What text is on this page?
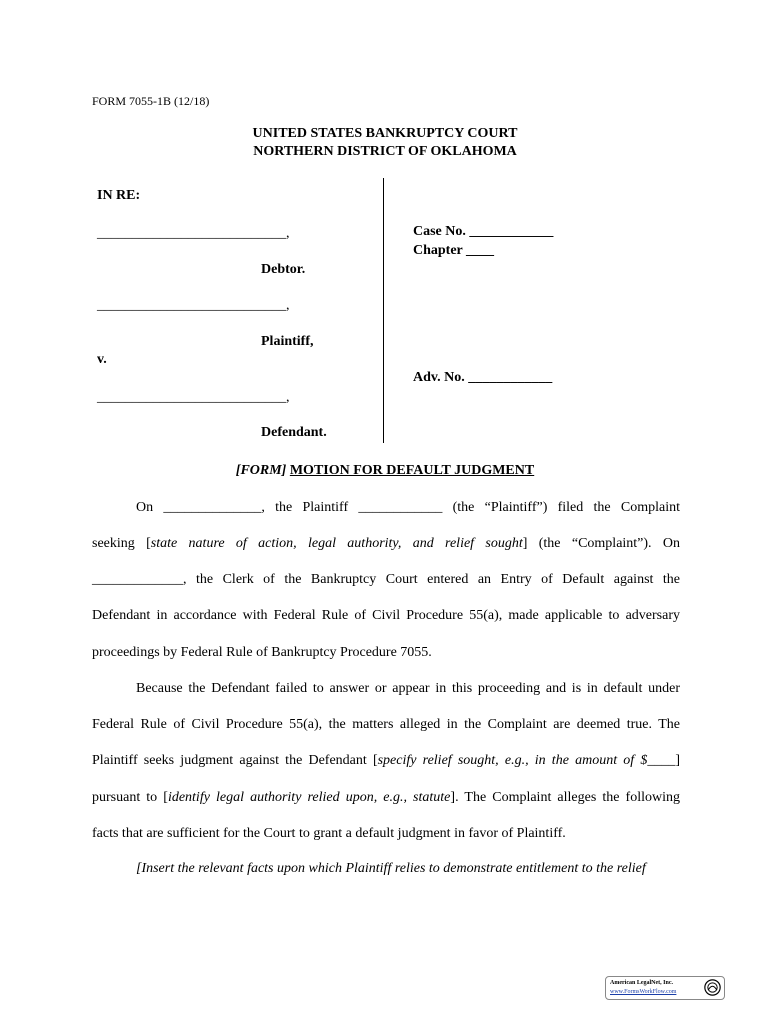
FORM 7055-1B (12/18)
UNITED STATES BANKRUPTCY COURT
NORTHERN DISTRICT OF OKLAHOMA
IN RE:
___________________________,
Debtor.
___________________________,
Plaintiff,
v.
___________________________,
Defendant.
Case No. ____________
Chapter ____
Adv. No. ____________
[FORM] MOTION FOR DEFAULT JUDGMENT
On ______________, the Plaintiff ____________ (the “Plaintiff”) filed the Complaint
seeking [state nature of action, legal authority, and relief sought] (the “Complaint”). On
_____________, the Clerk of the Bankruptcy Court entered an Entry of Default against the
Defendant in accordance with Federal Rule of Civil Procedure 55(a), made applicable to adversary
proceedings by Federal Rule of Bankruptcy Procedure 7055.
Because the Defendant failed to answer or appear in this proceeding and is in default under
Federal Rule of Civil Procedure 55(a), the matters alleged in the Complaint are deemed true. The
Plaintiff seeks judgment against the Defendant [specify relief sought, e.g., in the amount of $____]
pursuant to [identify legal authority relied upon, e.g., statute]. The Complaint alleges the following
facts that are sufficient for the Court to grant a default judgment in favor of Plaintiff.
[Insert the relevant facts upon which Plaintiff relies to demonstrate entitlement to the relief
American LegalNet, Inc.
www.FormsWorkFlow.com
